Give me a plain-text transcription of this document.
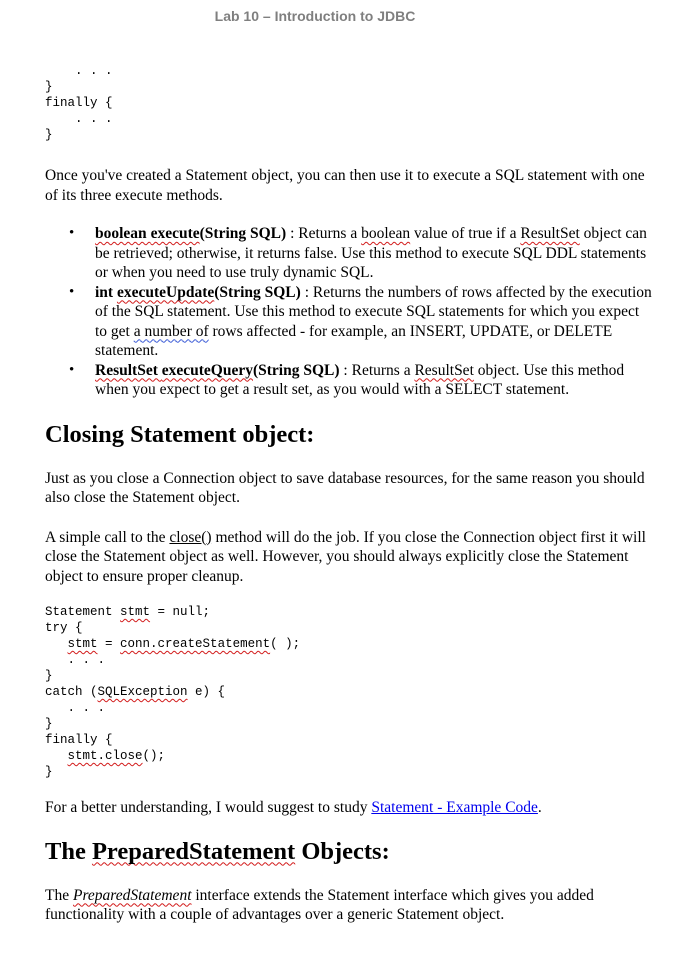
Lab 10 – Introduction to JDBC
. . .
}
finally {
. . .
}

Once you've created a Statement object, you can then use it to execute a SQL statement with one of its three execute methods.

• boolean execute(String SQL) : Returns a boolean value of true if a ResultSet object can be retrieved; otherwise, it returns false. Use this method to execute SQL DDL statements or when you need to use truly dynamic SQL.
• int executeUpdate(String SQL) : Returns the numbers of rows affected by the execution of the SQL statement. Use this method to execute SQL statements for which you expect to get a number of rows affected - for example, an INSERT, UPDATE, or DELETE statement.
• ResultSet executeQuery(String SQL) : Returns a ResultSet object. Use this method when you expect to get a result set, as you would with a SELECT statement.
Closing Statement object:

Just as you close a Connection object to save database resources, for the same reason you should also close the Statement object.

A simple call to the close() method will do the job. If you close the Connection object first it will close the Statement object as well. However, you should always explicitly close the Statement object to ensure proper cleanup.

Statement stmt = null;
try {
stmt = conn.createStatement( );
. . .
}
catch (SQLException e) {
. . .
}
finally {
stmt.close();
}

For a better understanding, I would suggest to study Statement - Example Code.

The PreparedStatement Objects:

The PreparedStatement interface extends the Statement interface which gives you added functionality with a couple of advantages over a generic Statement object.
